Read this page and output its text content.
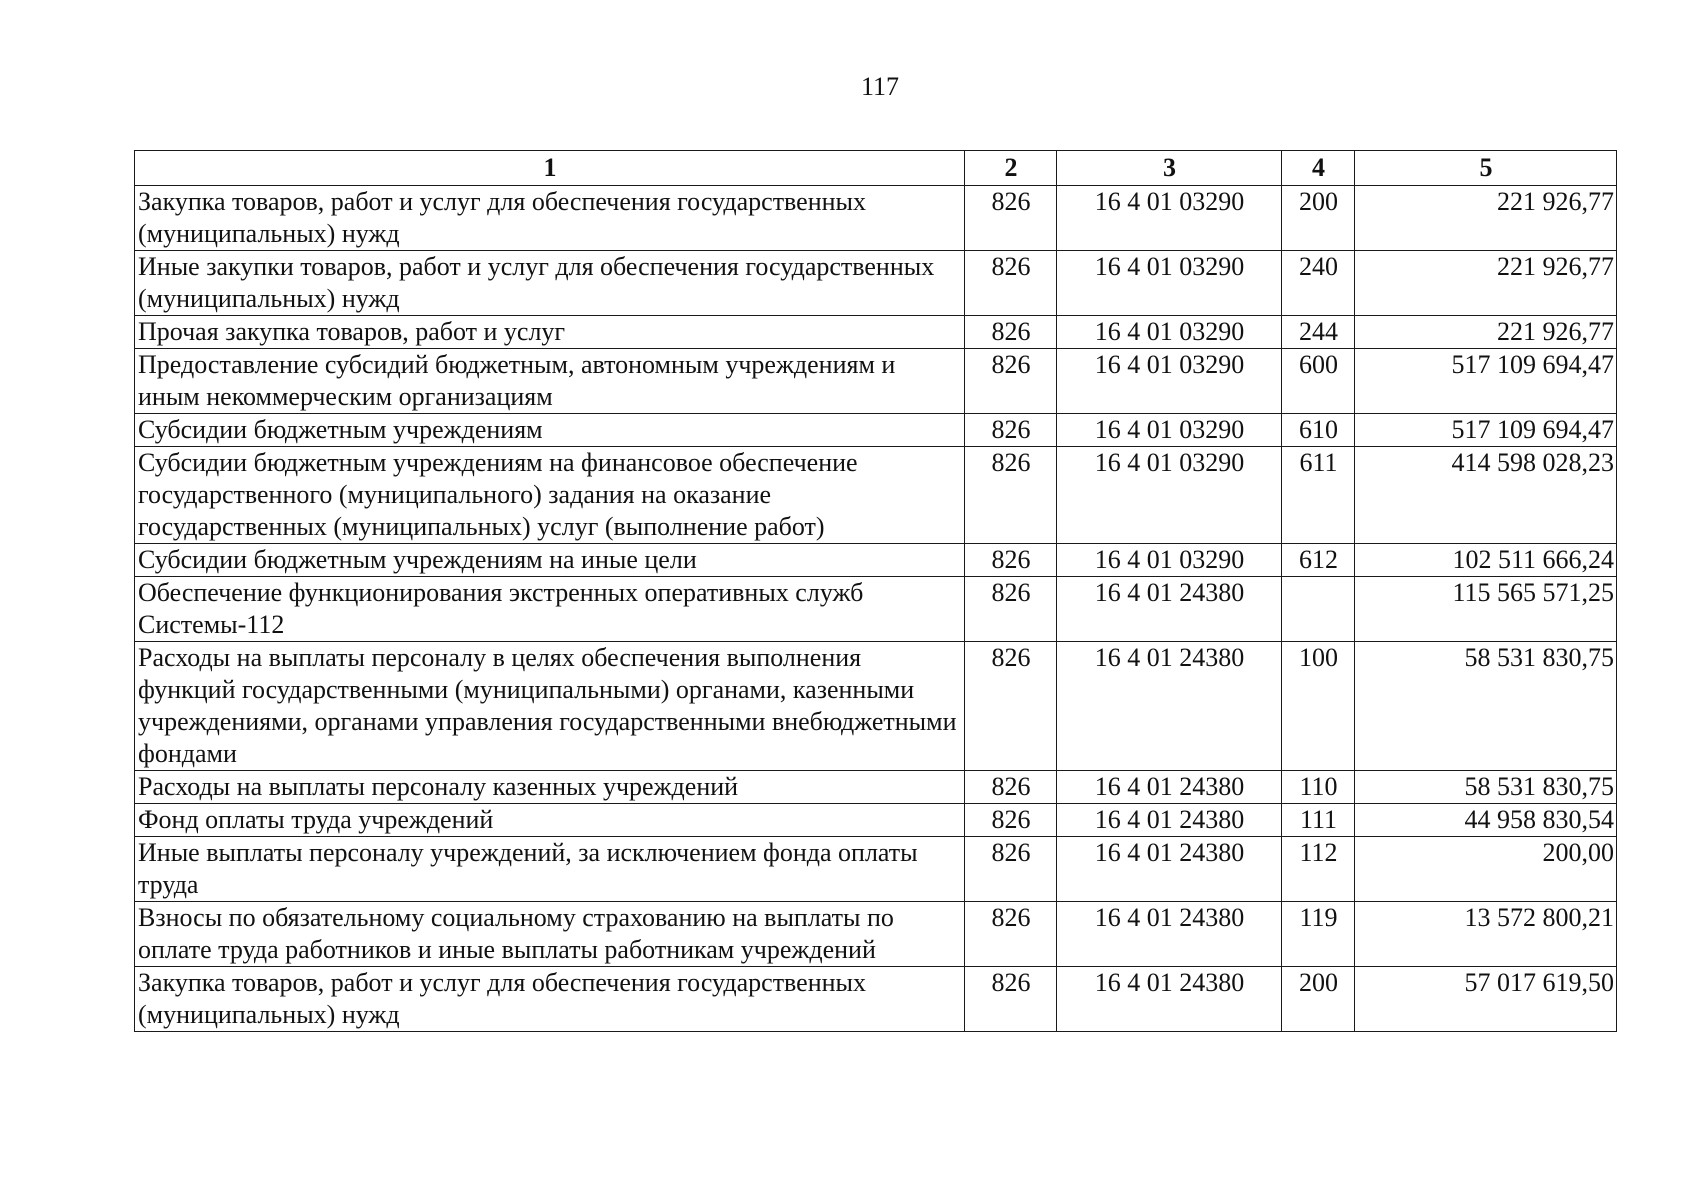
117
1	2	3	4	5
Закупка товаров, работ и услуг для обеспечения государственных (муниципальных) нужд	826	16 4 01 03290	200	221 926,77
Иные закупки товаров, работ и услуг для обеспечения государственных (муниципальных) нужд	826	16 4 01 03290	240	221 926,77
Прочая закупка товаров, работ и услуг	826	16 4 01 03290	244	221 926,77
Предоставление субсидий бюджетным, автономным учреждениям и иным некоммерческим организациям	826	16 4 01 03290	600	517 109 694,47
Субсидии бюджетным учреждениям	826	16 4 01 03290	610	517 109 694,47
Субсидии бюджетным учреждениям на финансовое обеспечение государственного (муниципального) задания на оказание государственных (муниципальных) услуг (выполнение работ)	826	16 4 01 03290	611	414 598 028,23
Субсидии бюджетным учреждениям на иные цели	826	16 4 01 03290	612	102 511 666,24
Обеспечение функционирования экстренных оперативных служб Системы-112	826	16 4 01 24380		115 565 571,25
Расходы на выплаты персоналу в целях обеспечения выполнения функций государственными (муниципальными) органами, казенными учреждениями, органами управления государственными внебюджетными фондами	826	16 4 01 24380	100	58 531 830,75
Расходы на выплаты персоналу казенных учреждений	826	16 4 01 24380	110	58 531 830,75
Фонд оплаты труда учреждений	826	16 4 01 24380	111	44 958 830,54
Иные выплаты персоналу учреждений, за исключением фонда оплаты труда	826	16 4 01 24380	112	200,00
Взносы по обязательному социальному страхованию на выплаты по оплате труда работников и иные выплаты работникам учреждений	826	16 4 01 24380	119	13 572 800,21
Закупка товаров, работ и услуг для обеспечения государственных (муниципальных) нужд	826	16 4 01 24380	200	57 017 619,50
